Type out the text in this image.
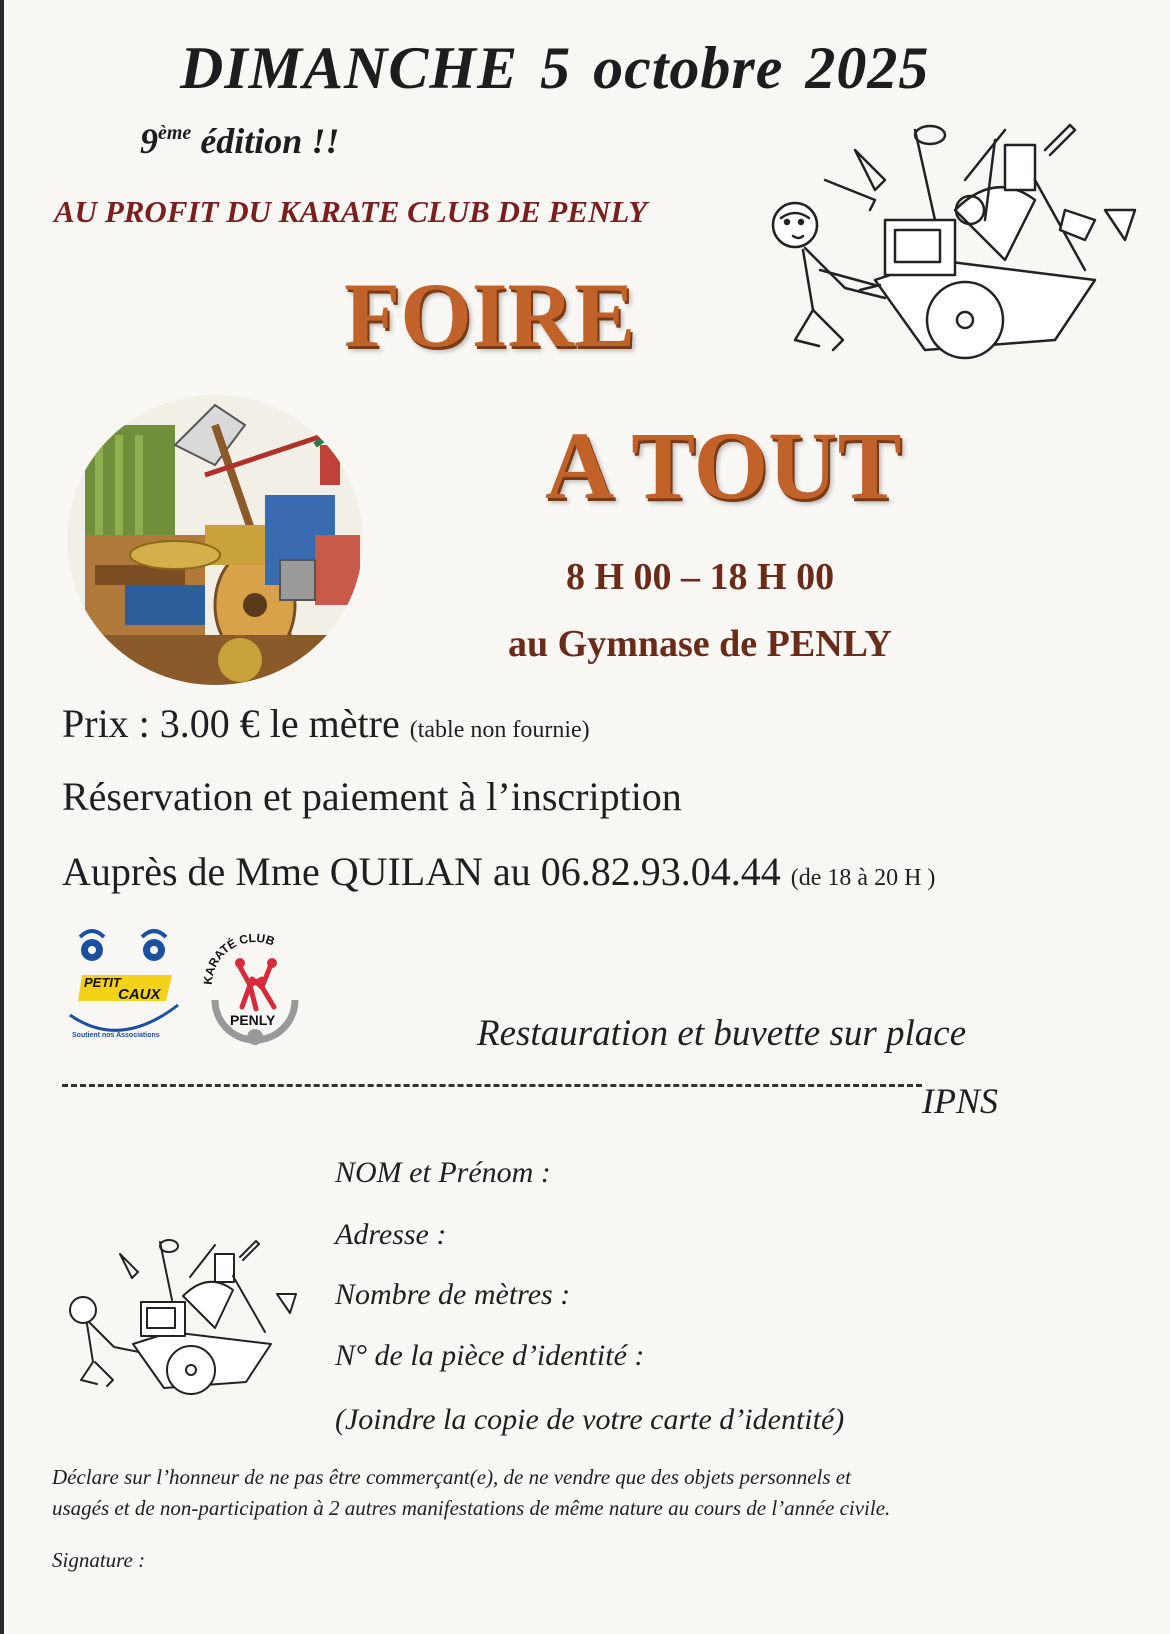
DIMANCHE 5 octobre 2025
9ème édition !!
AU PROFIT DU KARATE CLUB DE PENLY
FOIRE
A TOUT
8 H 00 – 18 H 00
au Gymnase de PENLY
Prix : 3.00 € le mètre (table non fournie)
Réservation et paiement à l’inscription
Auprès de Mme QUILAN au 06.82.93.04.44 (de 18 à 20 H )
PETIT
CAUX
Soutient nos Associations
KARATÉ CLUB
PENLY	Restauration et buvette sur place
IPNS
NOM et Prénom :
Adresse :
Nombre de mètres :
N° de la pièce d’identité :
(Joindre la copie de votre carte d’identité)
Déclare sur l’honneur de ne pas être commerçant(e), de ne vendre que des objets personnels et
usagés et de non-participation à 2 autres manifestations de même nature au cours de l’année civile.
Signature :
